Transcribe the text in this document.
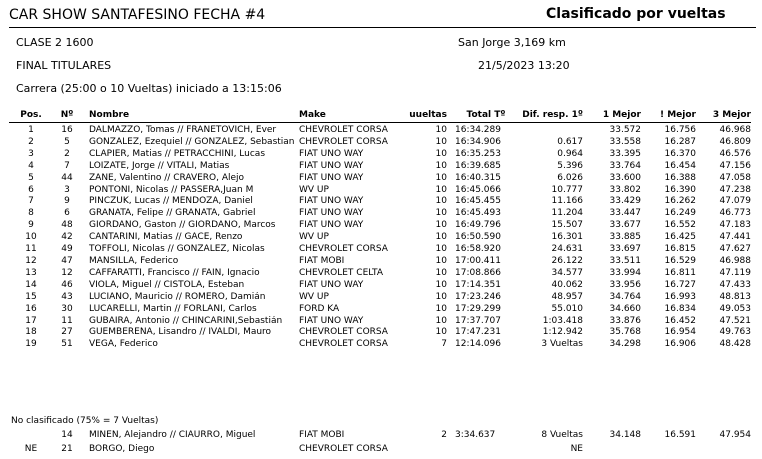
CAR SHOW SANTAFESINO FECHA #4	Clasificado por vueltas
CLASE 2 1600	San Jorge 3,169 km
FINAL TITULARES	21/5/2023 13:20
Carrera (25:00 o 10 Vueltas) iniciado a 13:15:06
Pos.	Nº	Nombre	Make	uueltas	Total Tº	Dif. resp. 1º	1 Mejor	! Mejor	3 Mejor

1	16	DALMAZZO, Tomas // FRANETOVICH, Ever	CHEVROLET CORSA	10	16:34.289		33.572	16.756	46.968
2	5	GONZALEZ, Ezequiel // GONZALEZ, Sebastian	CHEVROLET CORSA	10	16:34.906	0.617	33.558	16.287	46.809
3	2	CLAPIER, Matias // PETRACCHINI, Lucas	FIAT UNO WAY	10	16:35.253	0.964	33.395	16.370	46.576
4	7	LOIZATE, Jorge // VITALI, Matias	FIAT UNO WAY	10	16:39.685	5.396	33.764	16.454	47.156
5	44	ZANE, Valentino // CRAVERO, Alejo	FIAT UNO WAY	10	16:40.315	6.026	33.600	16.388	47.058
6	3	PONTONI, Nicolas // PASSERA,Juan M	WV UP	10	16:45.066	10.777	33.802	16.390	47.238
7	9	PINCZUK, Lucas // MENDOZA, Daniel	FIAT UNO WAY	10	16:45.455	11.166	33.429	16.262	47.079
8	6	GRANATA, Felipe // GRANATA, Gabriel	FIAT UNO WAY	10	16:45.493	11.204	33.447	16.249	46.773
9	48	GIORDANO, Gaston // GIORDANO, Marcos	FIAT UNO WAY	10	16:49.796	15.507	33.677	16.552	47.183
10	42	CANTARINI, Matias // GACE, Renzo	WV UP	10	16:50.590	16.301	33.885	16.425	47.441
11	49	TOFFOLI, Nicolas // GONZALEZ, Nicolas	CHEVROLET CORSA	10	16:58.920	24.631	33.697	16.815	47.627
12	47	MANSILLA, Federico	FIAT MOBI	10	17:00.411	26.122	33.511	16.529	46.988
13	12	CAFFARATTI, Francisco // FAIN, Ignacio	CHEVROLET CELTA	10	17:08.866	34.577	33.994	16.811	47.119
14	46	VIOLA, Miguel // CISTOLA, Esteban	FIAT UNO WAY	10	17:14.351	40.062	33.956	16.727	47.433
15	43	LUCIANO, Mauricio // ROMERO, Damián	WV UP	10	17:23.246	48.957	34.764	16.993	48.813
16	30	LUCARELLI, Martin // FORLANI, Carlos	FORD KA	10	17:29.299	55.010	34.660	16.834	49.053
17	11	GUBAIRA, Antonio // CHINCARINI,Sebastián	FIAT UNO WAY	10	17:37.707	1:03.418	33.876	16.452	47.521
18	27	GUEMBERENA, Lisandro // IVALDI, Mauro	CHEVROLET CORSA	10	17:47.231	1:12.942	35.768	16.954	49.763
19	51	VEGA, Federico	CHEVROLET CORSA	7	12:14.096	3 Vueltas	34.298	16.906	48.428
No clasificado (75% = 7 Vueltas)
	14	MINEN, Alejandro // CIAURRO, Miguel	FIAT MOBI	2	3:34.637	8 Vueltas	34.148	16.591	47.954
NE	21	BORGO, Diego	CHEVROLET CORSA			NE			
